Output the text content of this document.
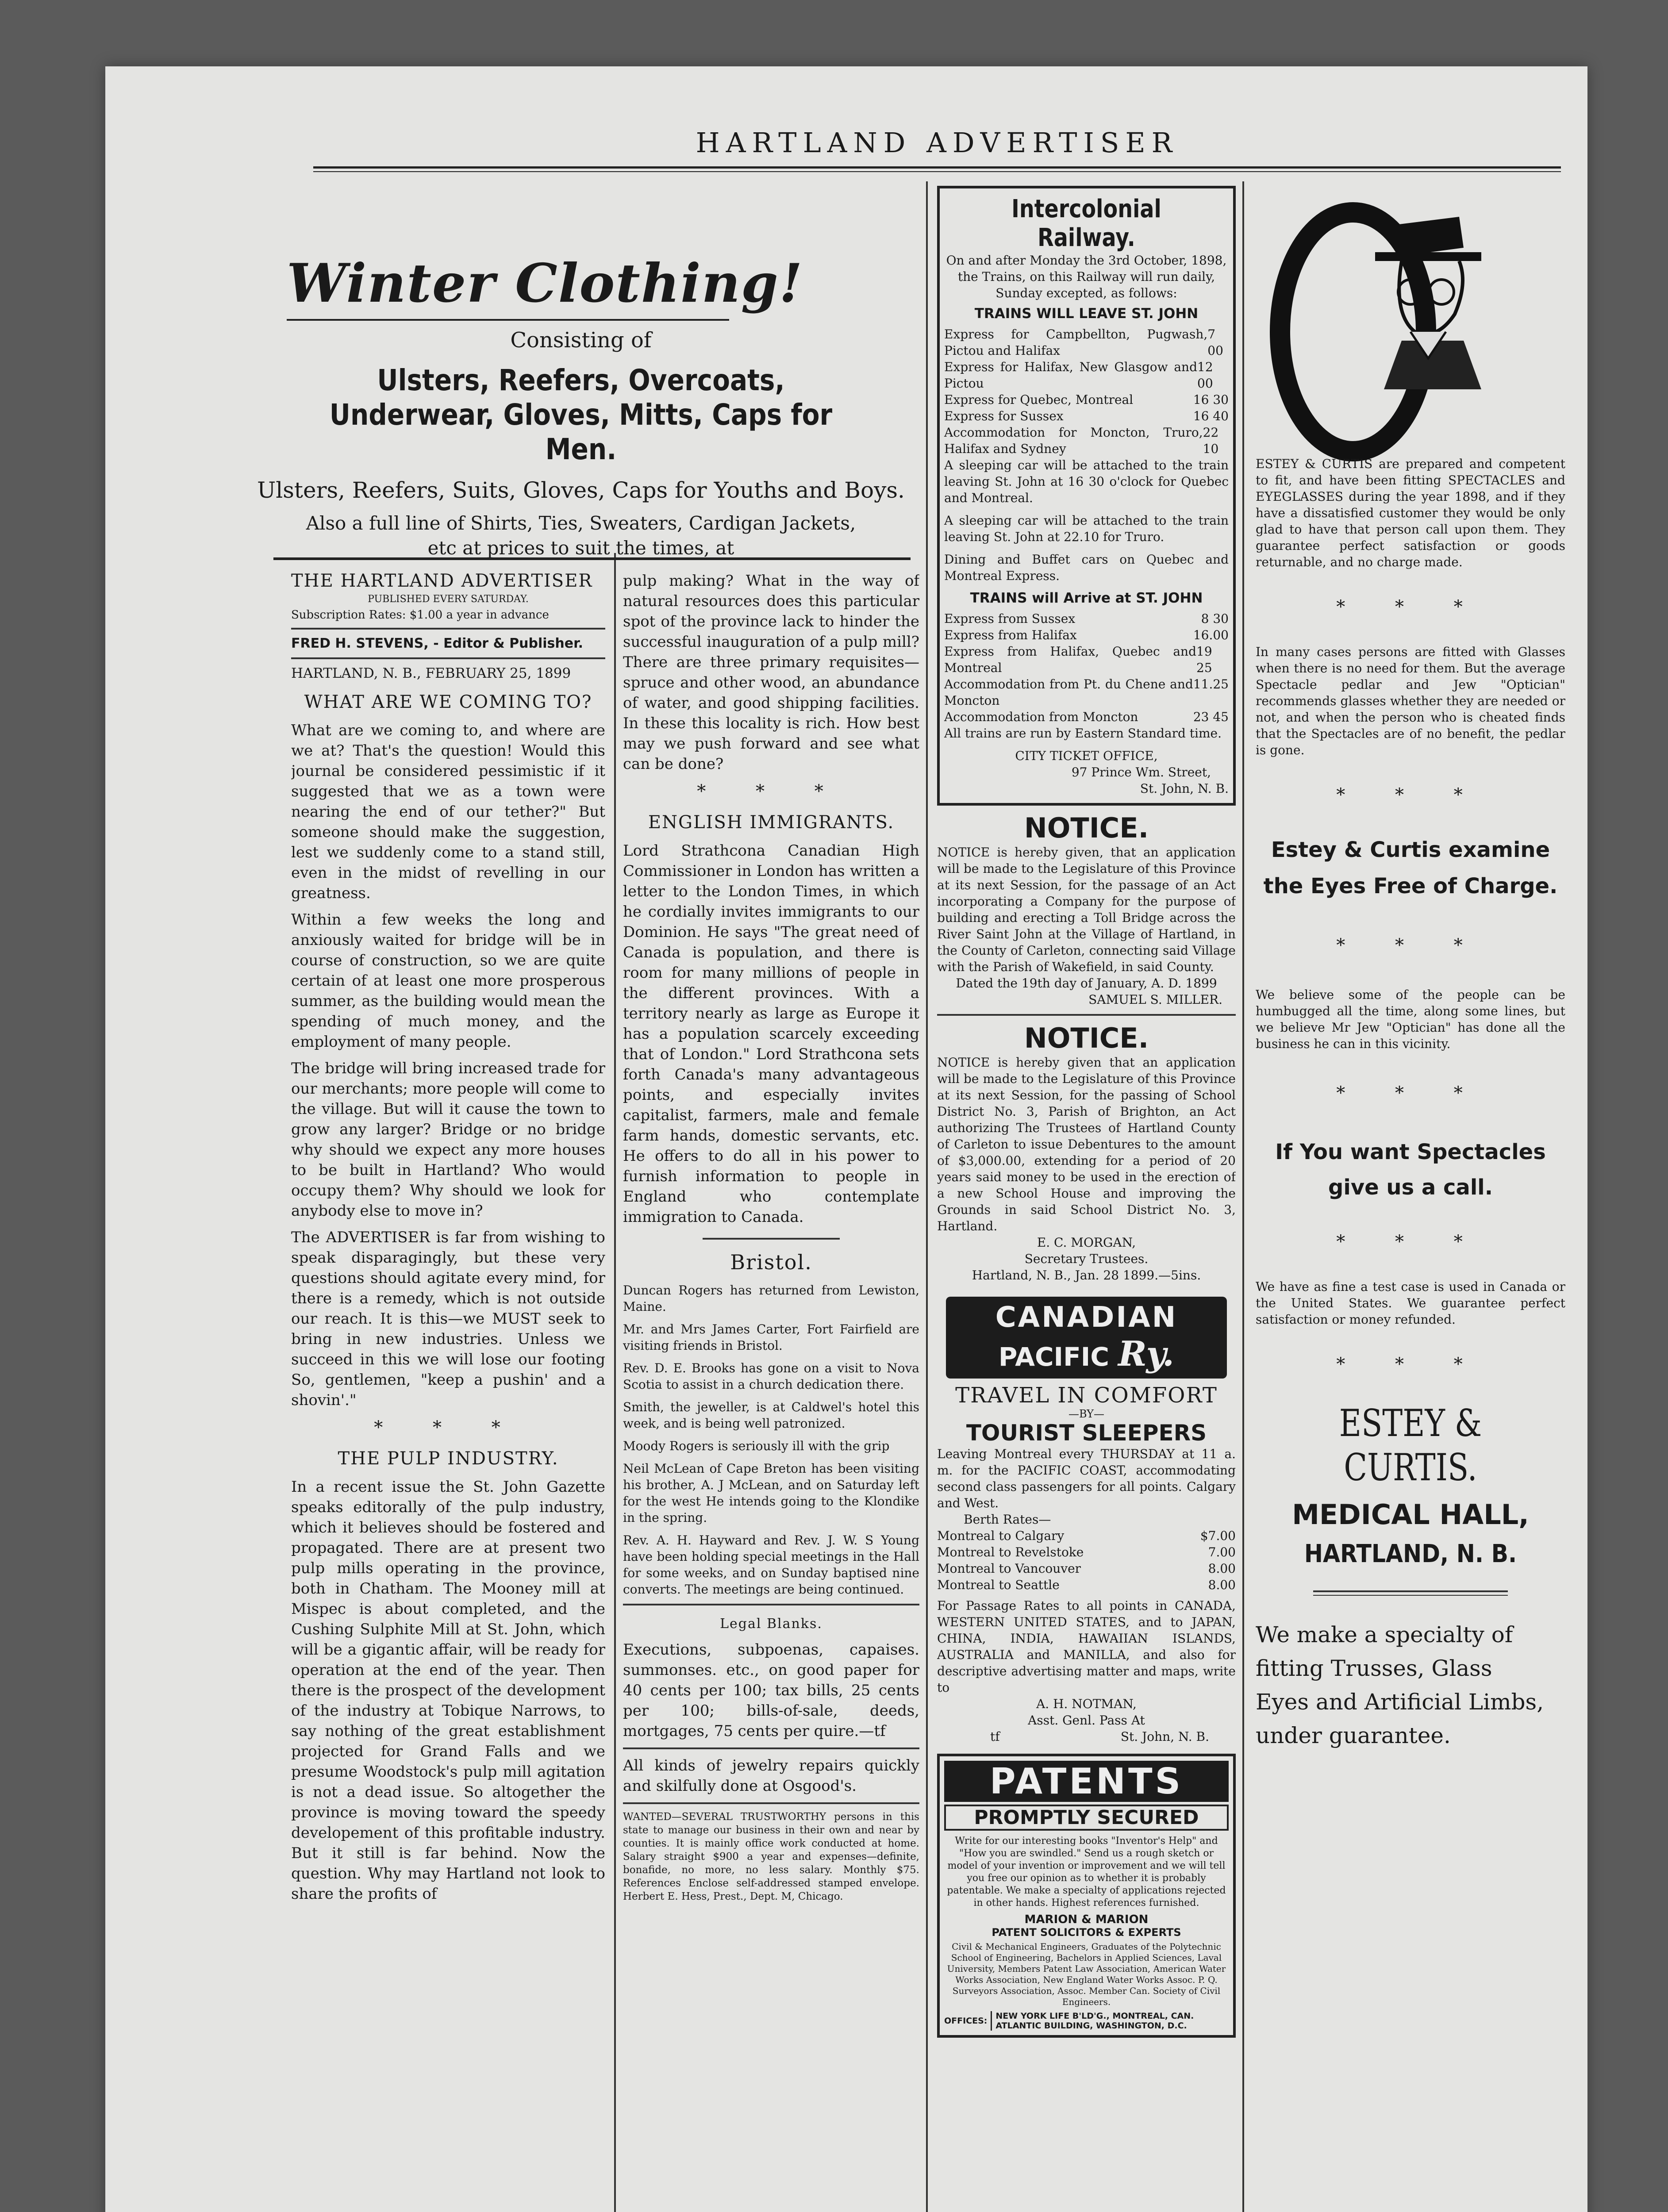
HARTLAND ADVERTISER
Winter Clothing!
Consisting of
Ulsters, Reefers, Overcoats, Underwear, Gloves, Mitts, Caps for Men.
Ulsters, Reefers, Suits, Gloves, Caps for Youths and Boys.
Also a full line of Shirts, Ties, Sweaters, Cardigan Jackets, etc at prices to suit the times, at
THE HARTLAND ADVERTISER
PUBLISHED EVERY SATURDAY.
Subscription Rates: $1.00 a year in advance
FRED H. STEVENS, - Editor & Publisher.
HARTLAND, N. B., FEBRUARY 25, 1899
WHAT ARE WE COMING TO?

What are we coming to, and where are we at? That's the question! Would this journal be considered pessimistic if it suggested that we as a town were nearing the end of our tether?" But someone should make the suggestion, lest we suddenly come to a stand still, even in the midst of revelling in our greatness.

Within a few weeks the long and anxiously waited for bridge will be in course of construction, so we are quite certain of at least one more prosperous summer, as the building would mean the spending of much money, and the employment of many people.

The bridge will bring increased trade for our merchants; more people will come to the village. But will it cause the town to grow any larger? Bridge or no bridge why should we expect any more houses to be built in Hartland? Who would occupy them? Why should we look for anybody else to move in?

The ADVERTISER is far from wishing to speak disparagingly, but these very questions should agitate every mind, for there is a remedy, which is not outside our reach. It is this—we MUST seek to bring in new industries. Unless we succeed in this we will lose our footing So, gentlemen, "keep a pushin' and a shovin'."

* * *
THE PULP INDUSTRY.

In a recent issue the St. John Gazette speaks editorally of the pulp industry, which it believes should be fostered and propagated. There are at present two pulp mills operating in the province, both in Chatham. The Mooney mill at Mispec is about completed, and the Cushing Sulphite Mill at St. John, which will be a gigantic affair, will be ready for operation at the end of the year. Then there is the prospect of the development of the industry at Tobique Narrows, to say nothing of the great establishment projected for Grand Falls and we presume Woodstock's pulp mill agitation is not a dead issue. So altogether the province is moving toward the speedy developement of this profitable industry. But it still is far behind. Now the question. Why may Hartland not look to share the profits of

pulp making? What in the way of natural resources does this particular spot of the province lack to hinder the successful inauguration of a pulp mill? There are three primary requisites—spruce and other wood, an abundance of water, and good shipping facilities. In these this locality is rich. How best may we push forward and see what can be done?

* * *
ENGLISH IMMIGRANTS.

Lord Strathcona Canadian High Commissioner in London has written a letter to the London Times, in which he cordially invites immigrants to our Dominion. He says "The great need of Canada is population, and there is room for many millions of people in the different provinces. With a territory nearly as large as Europe it has a population scarcely exceeding that of London." Lord Strathcona sets forth Canada's many advantageous points, and especially invites capitalist, farmers, male and female farm hands, domestic servants, etc. He offers to do all in his power to furnish information to people in England who contemplate immigration to Canada.

Bristol.

Duncan Rogers has returned from Lewiston, Maine.

Mr. and Mrs James Carter, Fort Fairfield are visiting friends in Bristol.

Rev. D. E. Brooks has gone on a visit to Nova Scotia to assist in a church dedication there.

Smith, the jeweller, is at Caldwel's hotel this week, and is being well patronized.

Moody Rogers is seriously ill with the grip

Neil McLean of Cape Breton has been visiting his brother, A. J McLean, and on Saturday left for the west He intends going to the Klondike in the spring.

Rev. A. H. Hayward and Rev. J. W. S Young have been holding special meetings in the Hall for some weeks, and on Sunday baptised nine converts. The meetings are being continued.

Legal Blanks.

Executions, subpoenas, capaises. summonses. etc., on good paper for 40 cents per 100; tax bills, 25 cents per 100; bills-of-sale, deeds, mortgages, 75 cents per quire.—tf

All kinds of jewelry repairs quickly and skilfully done at Osgood's.

WANTED—SEVERAL TRUSTWORTHY persons in this state to manage our business in their own and near by counties. It is mainly office work conducted at home. Salary straight $900 a year and expenses—definite, bonafide, no more, no less salary. Monthly $75. References Enclose self-addressed stamped envelope. Herbert E. Hess, Prest., Dept. M, Chicago.
Intercolonial Railway.
On and after Monday the 3rd October, 1898, the Trains, on this Railway will run daily, Sunday excepted, as follows:
TRAINS WILL LEAVE ST. JOHN
Express for Campbellton, Pugwash, Pictou and Halifax
7 00
Express for Halifax, New Glasgow and Pictou
12 00
Express for Quebec, Montreal	16 30
Express for Sussex	16 40
Accommodation for Moncton, Truro, Halifax and Sydney
22 10

A sleeping car will be attached to the train leaving St. John at 16 30 o'clock for Quebec and Montreal.

A sleeping car will be attached to the train leaving St. John at 22.10 for Truro.

Dining and Buffet cars on Quebec and Montreal Express.

TRAINS will Arrive at ST. JOHN
Express from Sussex	8 30
Express from Halifax	16.00
Express from Halifax, Quebec and Montreal
19 25
Accommodation from Pt. du Chene and Moncton
11.25
Accommodation from Moncton	23 45

All trains are run by Eastern Standard time.

CITY TICKET OFFICE,
97 Prince Wm. Street,
St. John, N. B.
NOTICE.
NOTICE is hereby given, that an application will be made to the Legislature of this Province at its next Session, for the passage of an Act incorporating a Company for the purpose of building and erecting a Toll Bridge across the River Saint John at the Village of Hartland, in the County of Carleton, connecting said Village with the Parish of Wakefield, in said County.
Dated the 19th day of January, A. D. 1899
SAMUEL S. MILLER.
NOTICE.
NOTICE is hereby given that an application will be made to the Legislature of this Province at its next Session, for the passing of School District No. 3, Parish of Brighton, an Act authorizing The Trustees of Hartland County of Carleton to issue Debentures to the amount of $3,000.00, extending for a period of 20 years said money to be used in the erection of a new School House and improving the Grounds in said School District No. 3, Hartland.
E. C. MORGAN,
Secretary Trustees.
Hartland, N. B., Jan. 28 1899.—5ins.
CANADIAN
PACIFIC Ry.
TRAVEL IN COMFORT
—BY—
TOURIST SLEEPERS
Leaving Montreal every THURSDAY at 11 a. m. for the PACIFIC COAST, accommodating second class passengers for all points. Calgary and West.
Berth Rates—
Montreal to Calgary	$7.00
Montreal to Revelstoke	7.00
Montreal to Vancouver	8.00
Montreal to Seattle	8.00
For Passage Rates to all points in CANADA, WESTERN UNITED STATES, and to JAPAN, CHINA, INDIA, HAWAIIAN ISLANDS, AUSTRALIA and MANILLA, and also for descriptive advertising matter and maps, write to
A. H. NOTMAN,
Asst. Genl. Pass At
tf	St. John, N. B.
PATENTS
PROMPTLY SECURED
Write for our interesting books "Inventor's Help" and "How you are swindled." Send us a rough sketch or model of your invention or improvement and we will tell you free our opinion as to whether it is probably patentable. We make a specialty of applications rejected in other hands. Highest references furnished.
MARION & MARION
PATENT SOLICITORS & EXPERTS
Civil & Mechanical Engineers, Graduates of the Polytechnic School of Engineering, Bachelors in Applied Sciences, Laval University, Members Patent Law Association, American Water Works Association, New England Water Works Assoc. P. Q. Surveyors Association, Assoc. Member Can. Society of Civil Engineers.
OFFICES:	NEW YORK LIFE B'LD'G., MONTREAL, CAN. ATLANTIC BUILDING, WASHINGTON, D.C.
ESTEY & CURTIS are prepared and competent to fit, and have been fitting SPECTACLES and EYEGLASSES during the year 1898, and if they have a dissatisfied customer they would be only glad to have that person call upon them. They guarantee perfect satisfaction or goods returnable, and no charge made.
* * *
In many cases persons are fitted with Glasses when there is no need for them. But the average Spectacle pedlar and Jew "Optician" recommends glasses whether they are needed or not, and when the person who is cheated finds that the Spectacles are of no benefit, the pedlar is gone.
* * *
Estey & Curtis examine the Eyes Free of Charge.
* * *
We believe some of the people can be humbugged all the time, along some lines, but we believe Mr Jew "Optician" has done all the business he can in this vicinity.
* * *
If You want Spectacles give us a call.
* * *
We have as fine a test case is used in Canada or the United States. We guarantee perfect satisfaction or money refunded.
* * *
ESTEY & CURTIS.
MEDICAL HALL,
HARTLAND, N. B.
We make a specialty of fitting Trusses, Glass Eyes and Artificial Limbs, under guarantee.
